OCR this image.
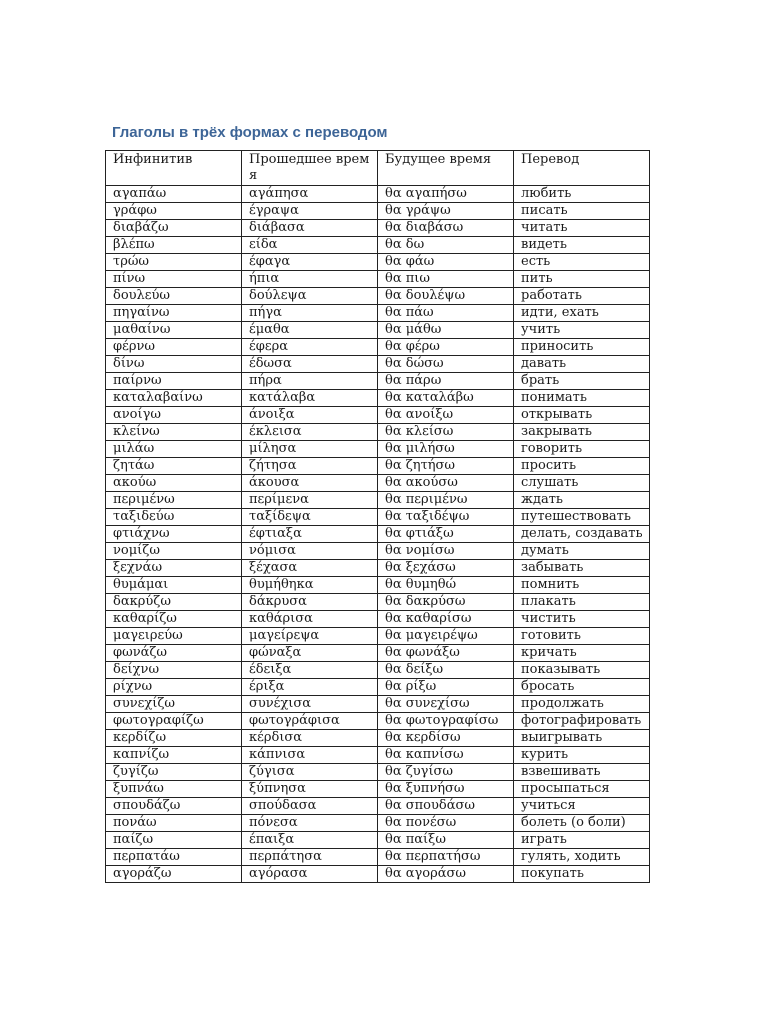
Глаголы в трёх формах с переводом
Инфинитив	Прошедшее время	Будущее время	Перевод
αγαπάω	αγάπησα	θα αγαπήσω	любить
γράφω	έγραψα	θα γράψω	писать
διαβάζω	διάβασα	θα διαβάσω	читать
βλέπω	είδα	θα δω	видеть
τρώω	έφαγα	θα φάω	есть
πίνω	ήπια	θα πιω	пить
δουλεύω	δούλεψα	θα δουλέψω	работать
πηγαίνω	πήγα	θα πάω	идти, ехать
μαθαίνω	έμαθα	θα μάθω	учить
φέρνω	έφερα	θα φέρω	приносить
δίνω	έδωσα	θα δώσω	давать
παίρνω	πήρα	θα πάρω	брать
καταλαβαίνω	κατάλαβα	θα καταλάβω	понимать
ανοίγω	άνοιξα	θα ανοίξω	открывать
κλείνω	έκλεισα	θα κλείσω	закрывать
μιλάω	μίλησα	θα μιλήσω	говорить
ζητάω	ζήτησα	θα ζητήσω	просить
ακούω	άκουσα	θα ακούσω	слушать
περιμένω	περίμενα	θα περιμένω	ждать
ταξιδεύω	ταξίδεψα	θα ταξιδέψω	путешествовать
φτιάχνω	έφτιαξα	θα φτιάξω	делать, создавать
νομίζω	νόμισα	θα νομίσω	думать
ξεχνάω	ξέχασα	θα ξεχάσω	забывать
θυμάμαι	θυμήθηκα	θα θυμηθώ	помнить
δακρύζω	δάκρυσα	θα δακρύσω	плакать
καθαρίζω	καθάρισα	θα καθαρίσω	чистить
μαγειρεύω	μαγείρεψα	θα μαγειρέψω	готовить
φωνάζω	φώναξα	θα φωνάξω	кричать
δείχνω	έδειξα	θα δείξω	показывать
ρίχνω	έριξα	θα ρίξω	бросать
συνεχίζω	συνέχισα	θα συνεχίσω	продолжать
φωτογραφίζω	φωτογράφισα	θα φωτογραφίσω	фотографировать
κερδίζω	κέρδισα	θα κερδίσω	выигрывать
καπνίζω	κάπνισα	θα καπνίσω	курить
ζυγίζω	ζύγισα	θα ζυγίσω	взвешивать
ξυπνάω	ξύπνησα	θα ξυπνήσω	просыпаться
σπουδάζω	σπούδασα	θα σπουδάσω	учиться
πονάω	πόνεσα	θα πονέσω	болеть (о боли)
παίζω	έπαιξα	θα παίξω	играть
περπατάω	περπάτησα	θα περπατήσω	гулять, ходить
αγοράζω	αγόρασα	θα αγοράσω	покупать
